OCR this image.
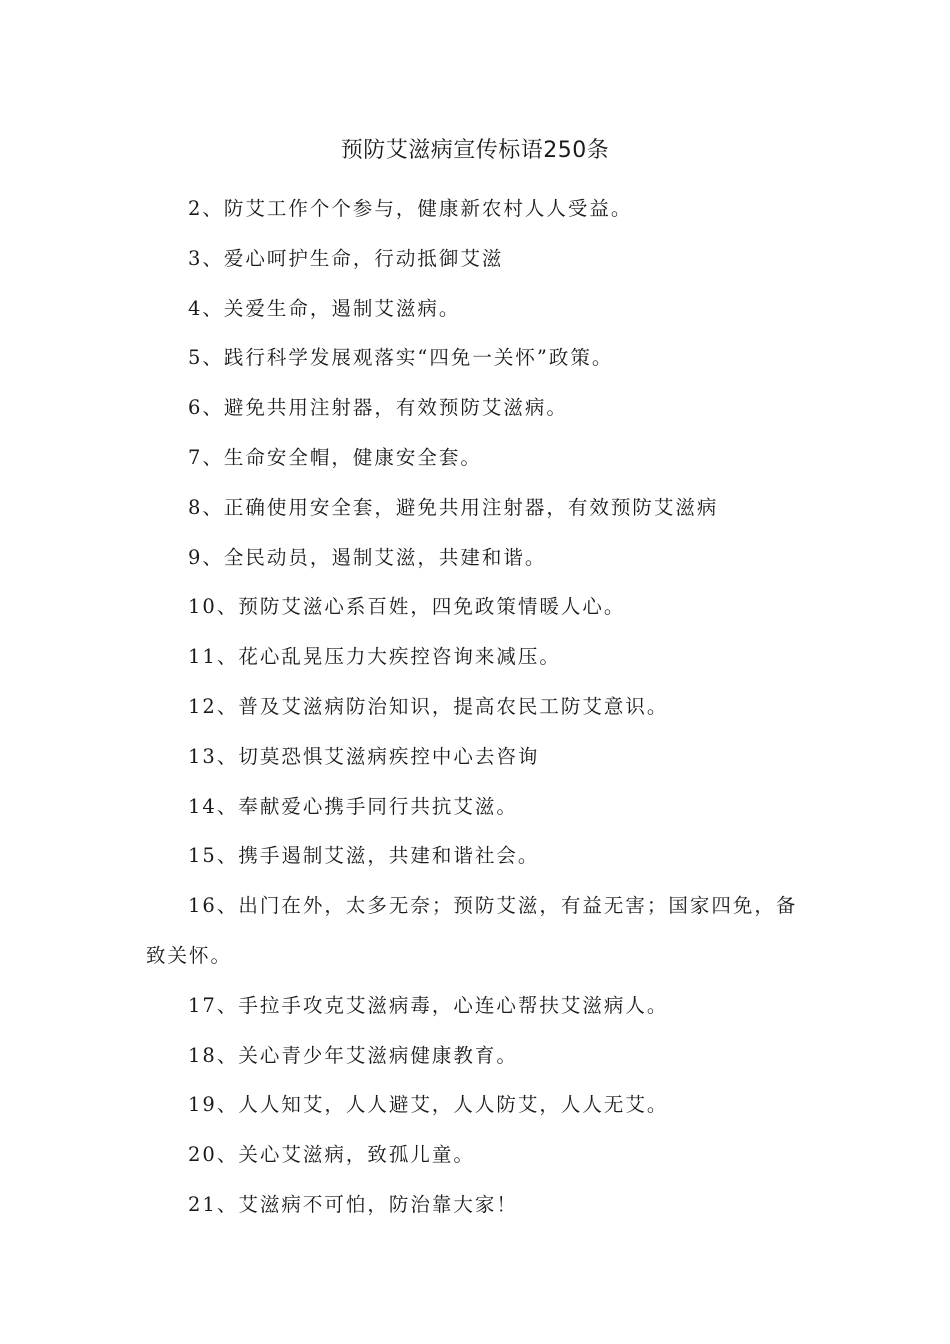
预防艾滋病宣传标语250条

2、防艾工作个个参与，健康新农村人人受益。

3、爱心呵护生命，行动抵御艾滋

4、关爱生命，遏制艾滋病。

5、践行科学发展观落实“四免一关怀”政策。

6、避免共用注射器，有效预防艾滋病。

7、生命安全帽，健康安全套。

8、正确使用安全套，避免共用注射器，有效预防艾滋病

9、全民动员，遏制艾滋，共建和谐。

10、预防艾滋心系百姓，四免政策情暖人心。

11、花心乱晃压力大疾控咨询来减压。

12、普及艾滋病防治知识，提高农民工防艾意识。

13、切莫恐惧艾滋病疾控中心去咨询

14、奉献爱心携手同行共抗艾滋。

15、携手遏制艾滋，共建和谐社会。

16、出门在外，太多无奈；预防艾滋，有益无害；国家四免，备致关怀。

17、手拉手攻克艾滋病毒，心连心帮扶艾滋病人。

18、关心青少年艾滋病健康教育。

19、人人知艾，人人避艾，人人防艾，人人无艾。

20、关心艾滋病，致孤儿童。

21、艾滋病不可怕，防治靠大家！
